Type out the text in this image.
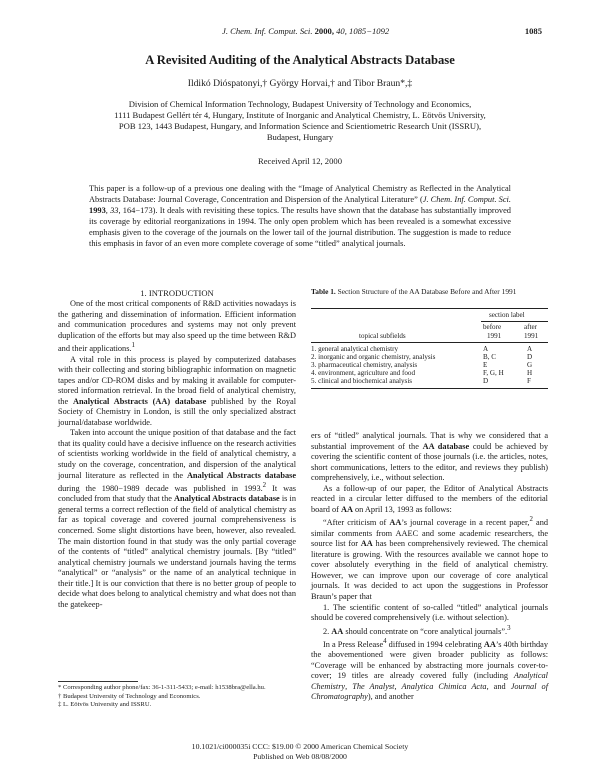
J. Chem. Inf. Comput. Sci. 2000, 40, 1085−1092	1085
A Revisited Auditing of the Analytical Abstracts Database
Ildikó Dióspatonyi,† György Horvai,† and Tibor Braun*,‡
Division of Chemical Information Technology, Budapest University of Technology and Economics,
1111 Budapest Gellért tér 4, Hungary, Institute of Inorganic and Analytical Chemistry, L. Eötvös University,
POB 123, 1443 Budapest, Hungary, and Information Science and Scientiometric Research Unit (ISSRU),
Budapest, Hungary
Received April 12, 2000
This paper is a follow-up of a previous one dealing with the “Image of Analytical Chemistry as Reflected in the Analytical Abstracts Database: Journal Coverage, Concentration and Dispersion of the Analytical Literature” (J. Chem. Inf. Comput. Sci. 1993, 33, 164−173). It deals with revisiting these topics. The results have shown that the database has substantially improved its coverage by editorial reorganizations in 1994. The only open problem which has been revealed is a somewhat excessive emphasis given to the coverage of the journals on the lower tail of the journal distribution. The suggestion is made to reduce this emphasis in favor of an even more complete coverage of some “titled” analytical journals.
1. INTRODUCTION

One of the most critical components of R&D activities nowadays is the gathering and dissemination of information. Efficient information and communication procedures and systems may not only prevent duplication of the efforts but may also speed up the time between R&D and their applications.$^1$

A vital role in this process is played by computerized databases with their collecting and storing bibliographic information on magnetic tapes and/or CD-ROM disks and by making it available for computer-stored information retrieval. In the broad field of analytical chemistry, the Analytical Abstracts (AA) database published by the Royal Society of Chemistry in London, is still the only specialized abstract journal/database worldwide.

Taken into account the unique position of that database and the fact that its quality could have a decisive influence on the research activities of scientists working worldwide in the field of analytical chemistry, a study on the coverage, concentration, and dispersion of the analytical journal literature as reflected in the Analytical Abstracts database during the 1980−1989 decade was published in 1993.$^2$ It was concluded from that study that the Analytical Abstracts database is in general terms a correct reflection of the field of analytical chemistry as far as topical coverage and covered journal comprehensiveness is concerned. Some slight distortions have been, however, also revealed. The main distortion found in that study was the only partial coverage of the contents of “titled” analytical chemistry journals. [By “titled” analytical chemistry journals we understand journals having the terms “analytical” or “analysis” or the name of an analytical technique in their title.] It is our conviction that there is no better group of people to decide what does belong to analytical chemistry and what does not than the gatekeep-

Table 1. Section Structure of the AA Database Before and After 1991
section label
before	after
topical subfields	1991	1991
1. general analytical chemistry	A	A
2. inorganic and organic chemistry, analysis	B, C	D
3. pharmaceutical chemistry, analysis	E	G
4. environment, agriculture and food	F, G, H	H
5. clinical and biochemical analysis	D	F

ers of “titled” analytical journals. That is why we considered that a substantial improvement of the AA database could be achieved by covering the scientific content of those journals (i.e. the articles, notes, short communications, letters to the editor, and reviews they publish) comprehensively, i.e., without selection.

As a follow-up of our paper, the Editor of Analytical Abstracts reacted in a circular letter diffused to the members of the editorial board of AA on April 13, 1993 as follows:

“After criticism of AA’s journal coverage in a recent paper,$^2$ and similar comments from AAEC and some academic researchers, the source list for AA has been comprehensively reviewed. The chemical literature is growing. With the resources available we cannot hope to cover absolutely everything in the field of analytical chemistry. However, we can improve upon our coverage of core analytical journals. It was decided to act upon the suggestions in Professor Braun’s paper that

1. The scientific content of so-called “titled” analytical journals should be covered comprehensively (i.e. without selection).

2. AA should concentrate on “core analytical journals”.$^3$

In a Press Release$^4$ diffused in 1994 celebrating AA’s 40th birthday the abovementioned were given broader publicity as follows: “Coverage will be enhanced by abstracting more journals cover-to-cover; 19 titles are already covered fully (including Analytical Chemistry, The Analyst, Analytica Chimica Acta, and Journal of Chromatography), and another

* Corresponding author phone/fax: 36-1-311-5433; e-mail: h1538bra@ella.hu.
† Budapest University of Technology and Economics.
‡ L. Eötvös University and ISSRU.
10.1021/ci000035i CCC: $19.00 © 2000 American Chemical Society
Published on Web 08/08/2000
